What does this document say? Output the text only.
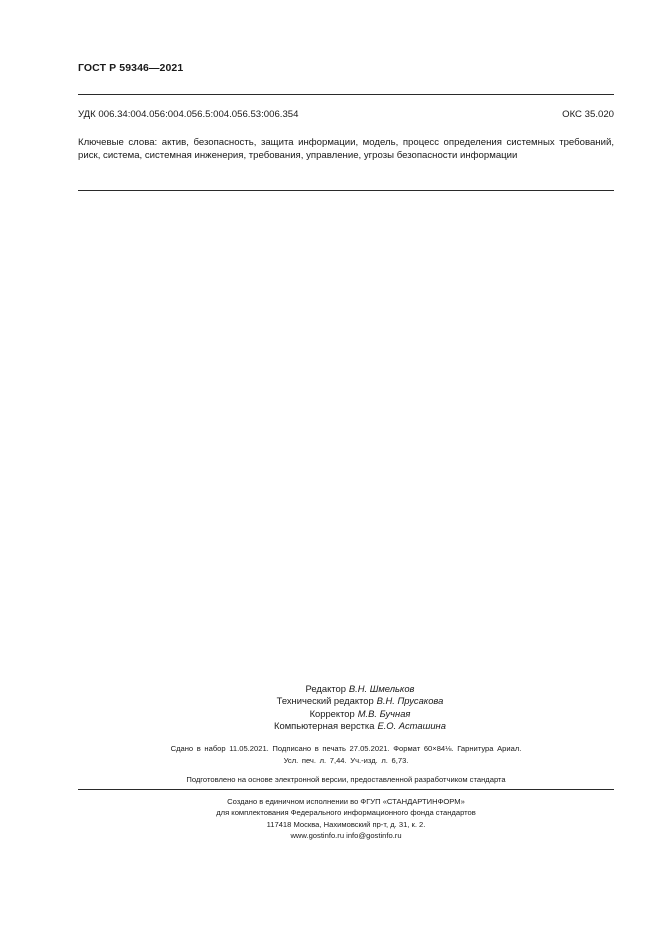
ГОСТ Р 59346—2021
УДК 006.34:004.056:004.056.5:004.056.53:006.354	ОКС 35.020
Ключевые слова: актив, безопасность, защита информации, модель, процесс определения системных требований, риск, система, системная инженерия, требования, управление, угрозы безопасности информации
Редактор В.Н. Шмельков
Технический редактор В.Н. Прусакова
Корректор М.В. Бучная
Компьютерная верстка Е.О. Асташина
Сдано в набор 11.05.2021. Подписано в печать 27.05.2021. Формат 60×84⅛. Гарнитура Ариал.
Усл. печ. л. 7,44. Уч.-изд. л. 6,73.
Подготовлено на основе электронной версии, предоставленной разработчиком стандарта
Создано в единичном исполнении во ФГУП «СТАНДАРТИНФОРМ»
для комплектования Федерального информационного фонда стандартов
117418 Москва, Нахимовский пр-т, д. 31, к. 2.
www.gostinfo.ru info@gostinfo.ru
